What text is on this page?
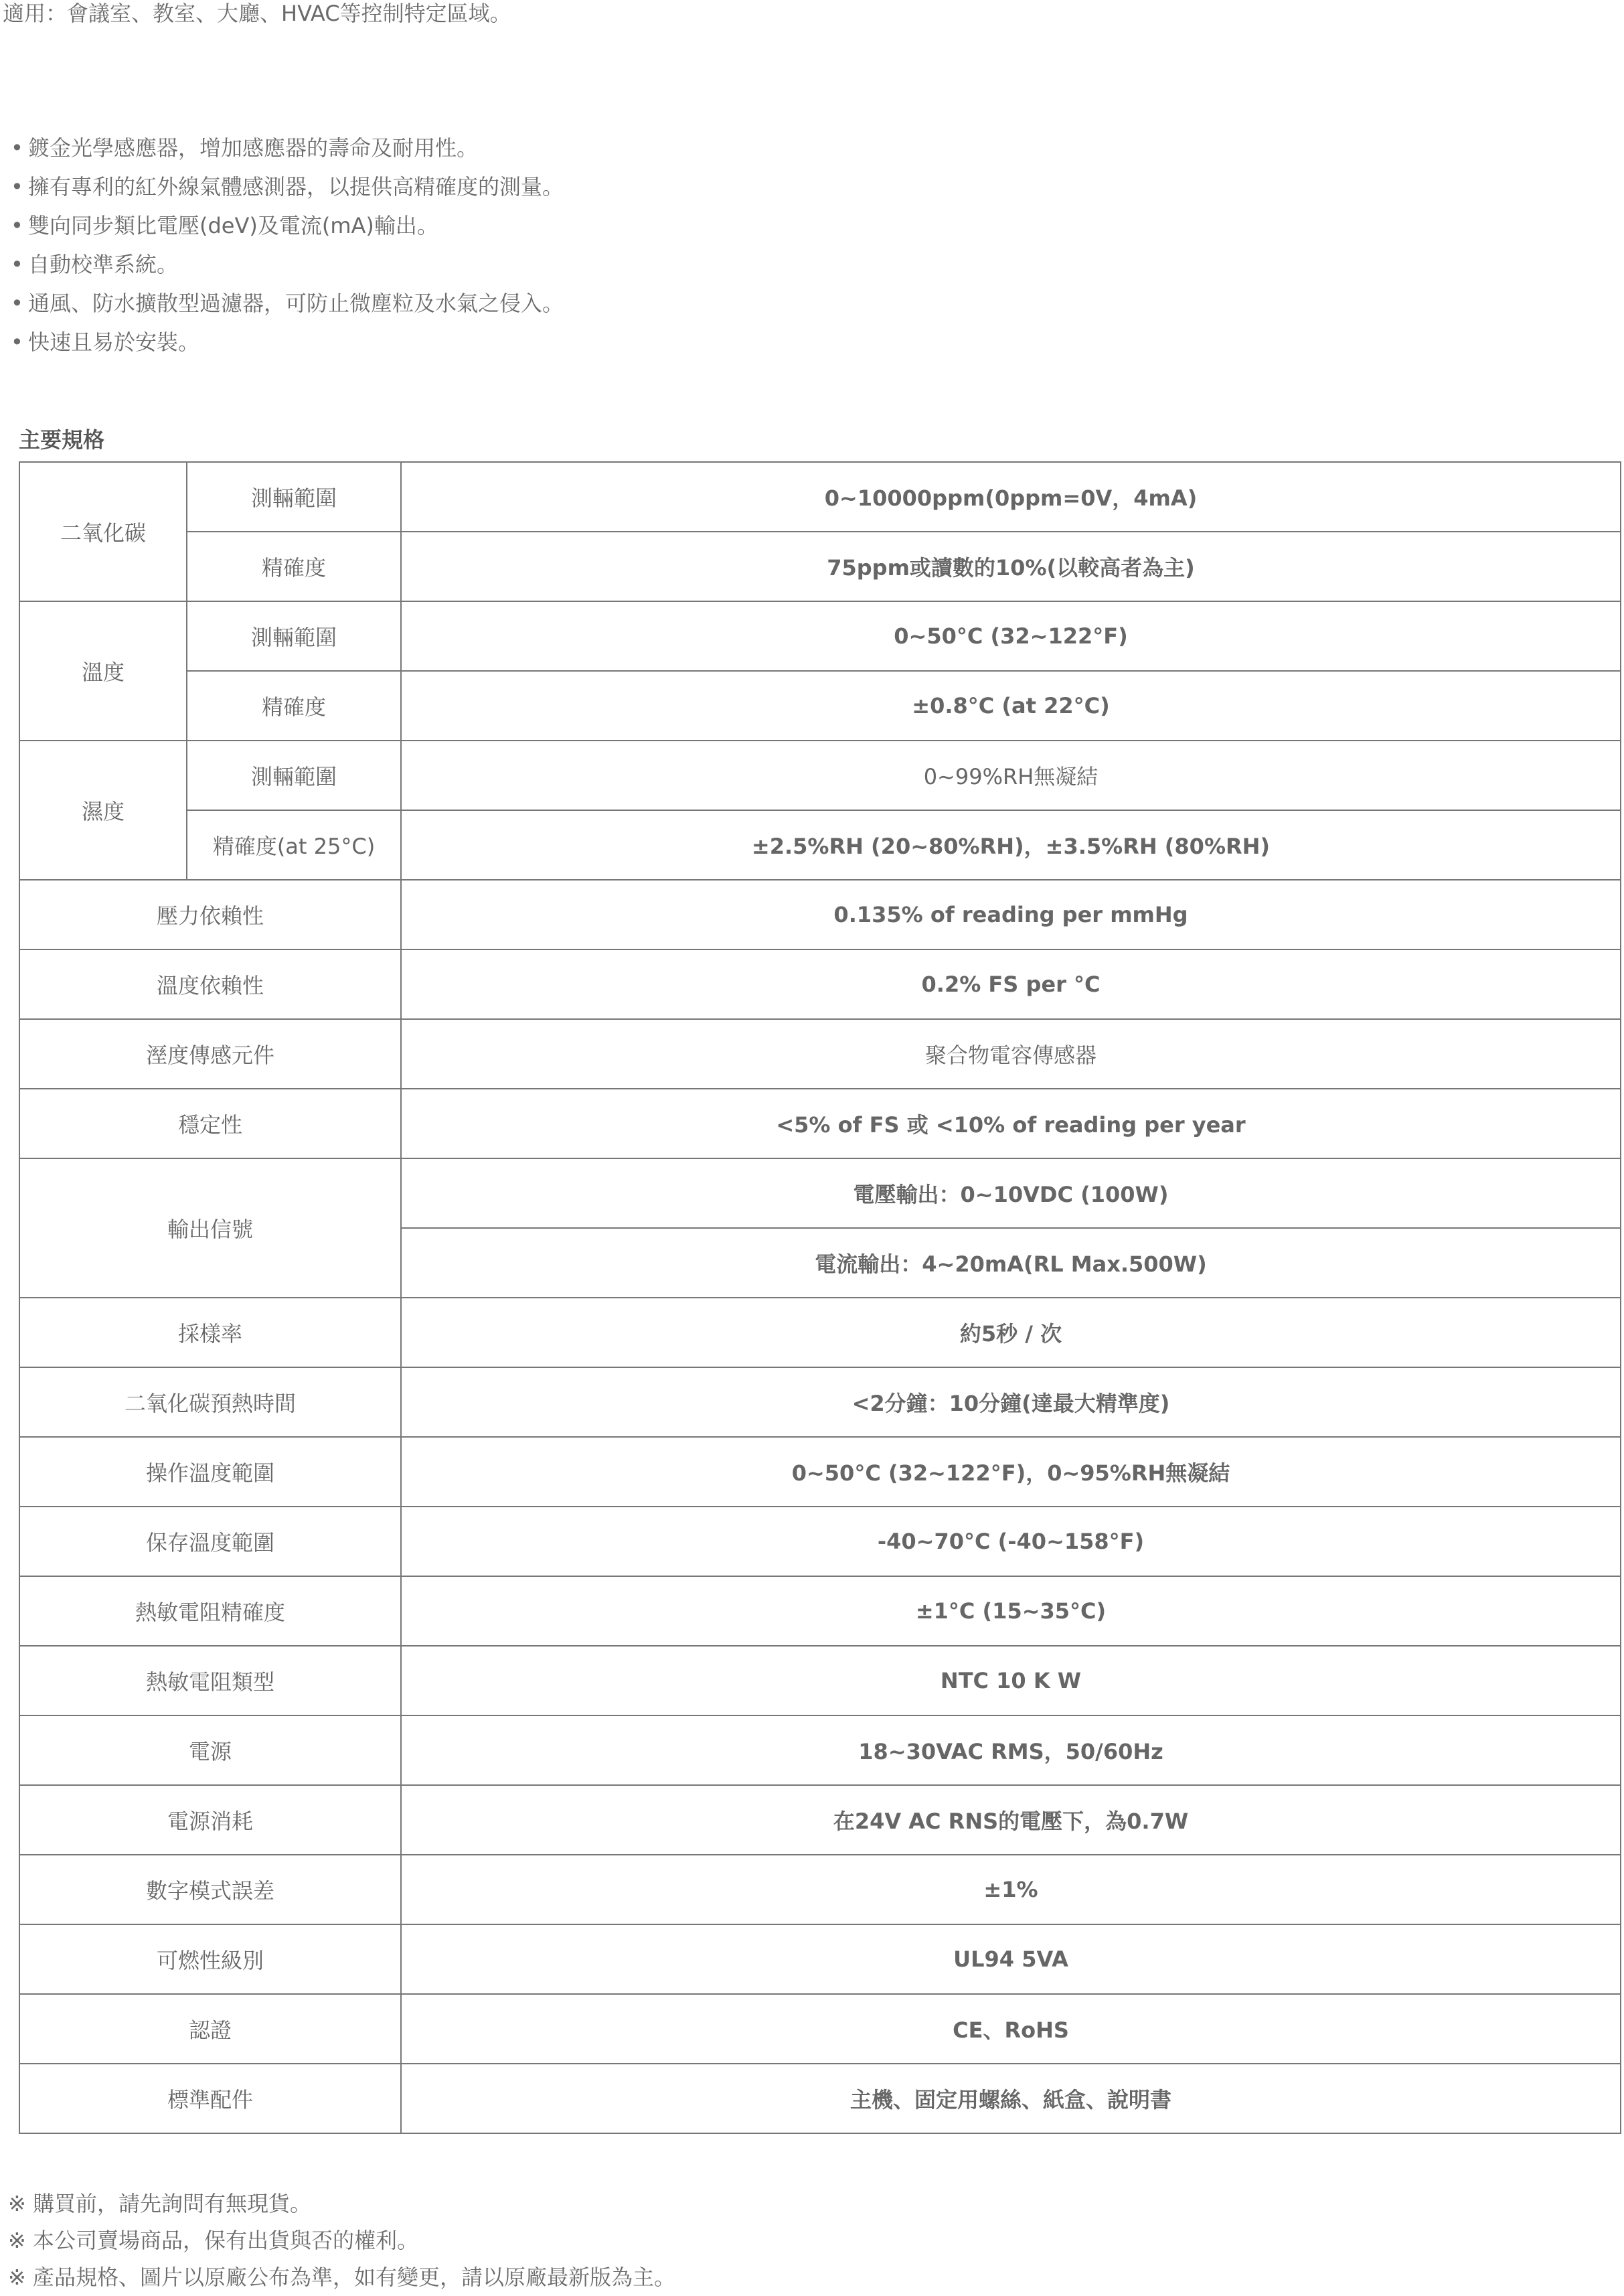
適用：會議室、教室、大廳、HVAC等控制特定區域。
• 鍍金光學感應器，增加感應器的壽命及耐用性。
• 擁有專利的紅外線氣體感測器，以提供高精確度的測量。
• 雙向同步類比電壓(deV)及電流(mA)輸出。
• 自動校準系統。
• 通風、防水擴散型過濾器，可防止微塵粒及水氣之侵入。
• 快速且易於安裝。
主要規格
二氧化碳	測輛範圍	0~10000ppm(0ppm=0V，4mA)
	精確度	75ppm或讀數的10%(以較高者為主)
溫度	測輛範圍	0~50°C (32~122°F)
	精確度	±0.8°C (at 22°C)
濕度	測輛範圍	0~99%RH無凝結
	精確度(at 25°C)	±2.5%RH (20~80%RH)，±3.5%RH (80%RH)
壓力依賴性		0.135% of reading per mmHg
溫度依賴性		0.2% FS per °C
溼度傳感元件		聚合物電容傳感器
穩定性		<5% of FS 或 <10% of reading per year
輸出信號		電壓輸出：0~10VDC (100W)
		電流輸出：4~20mA(RL Max.500W)
採樣率		約5秒 / 次
二氧化碳預熱時間		<2分鐘：10分鐘(達最大精準度)
操作溫度範圍		0~50°C (32~122°F)，0~95%RH無凝結
保存溫度範圍		-40~70°C (-40~158°F)
熱敏電阻精確度		±1°C (15~35°C)
熱敏電阻類型		NTC 10 K W
電源		18~30VAC RMS，50/60Hz
電源消耗		在24V AC RNS的電壓下，為0.7W
數字模式誤差		±1%
可燃性級別		UL94 5VA
認證		CE、RoHS
標準配件		主機、固定用螺絲、紙盒、說明書
※ 購買前，請先詢問有無現貨。
※ 本公司賣場商品，保有出貨與否的權利。
※ 產品規格、圖片以原廠公布為準，如有變更，請以原廠最新版為主。
